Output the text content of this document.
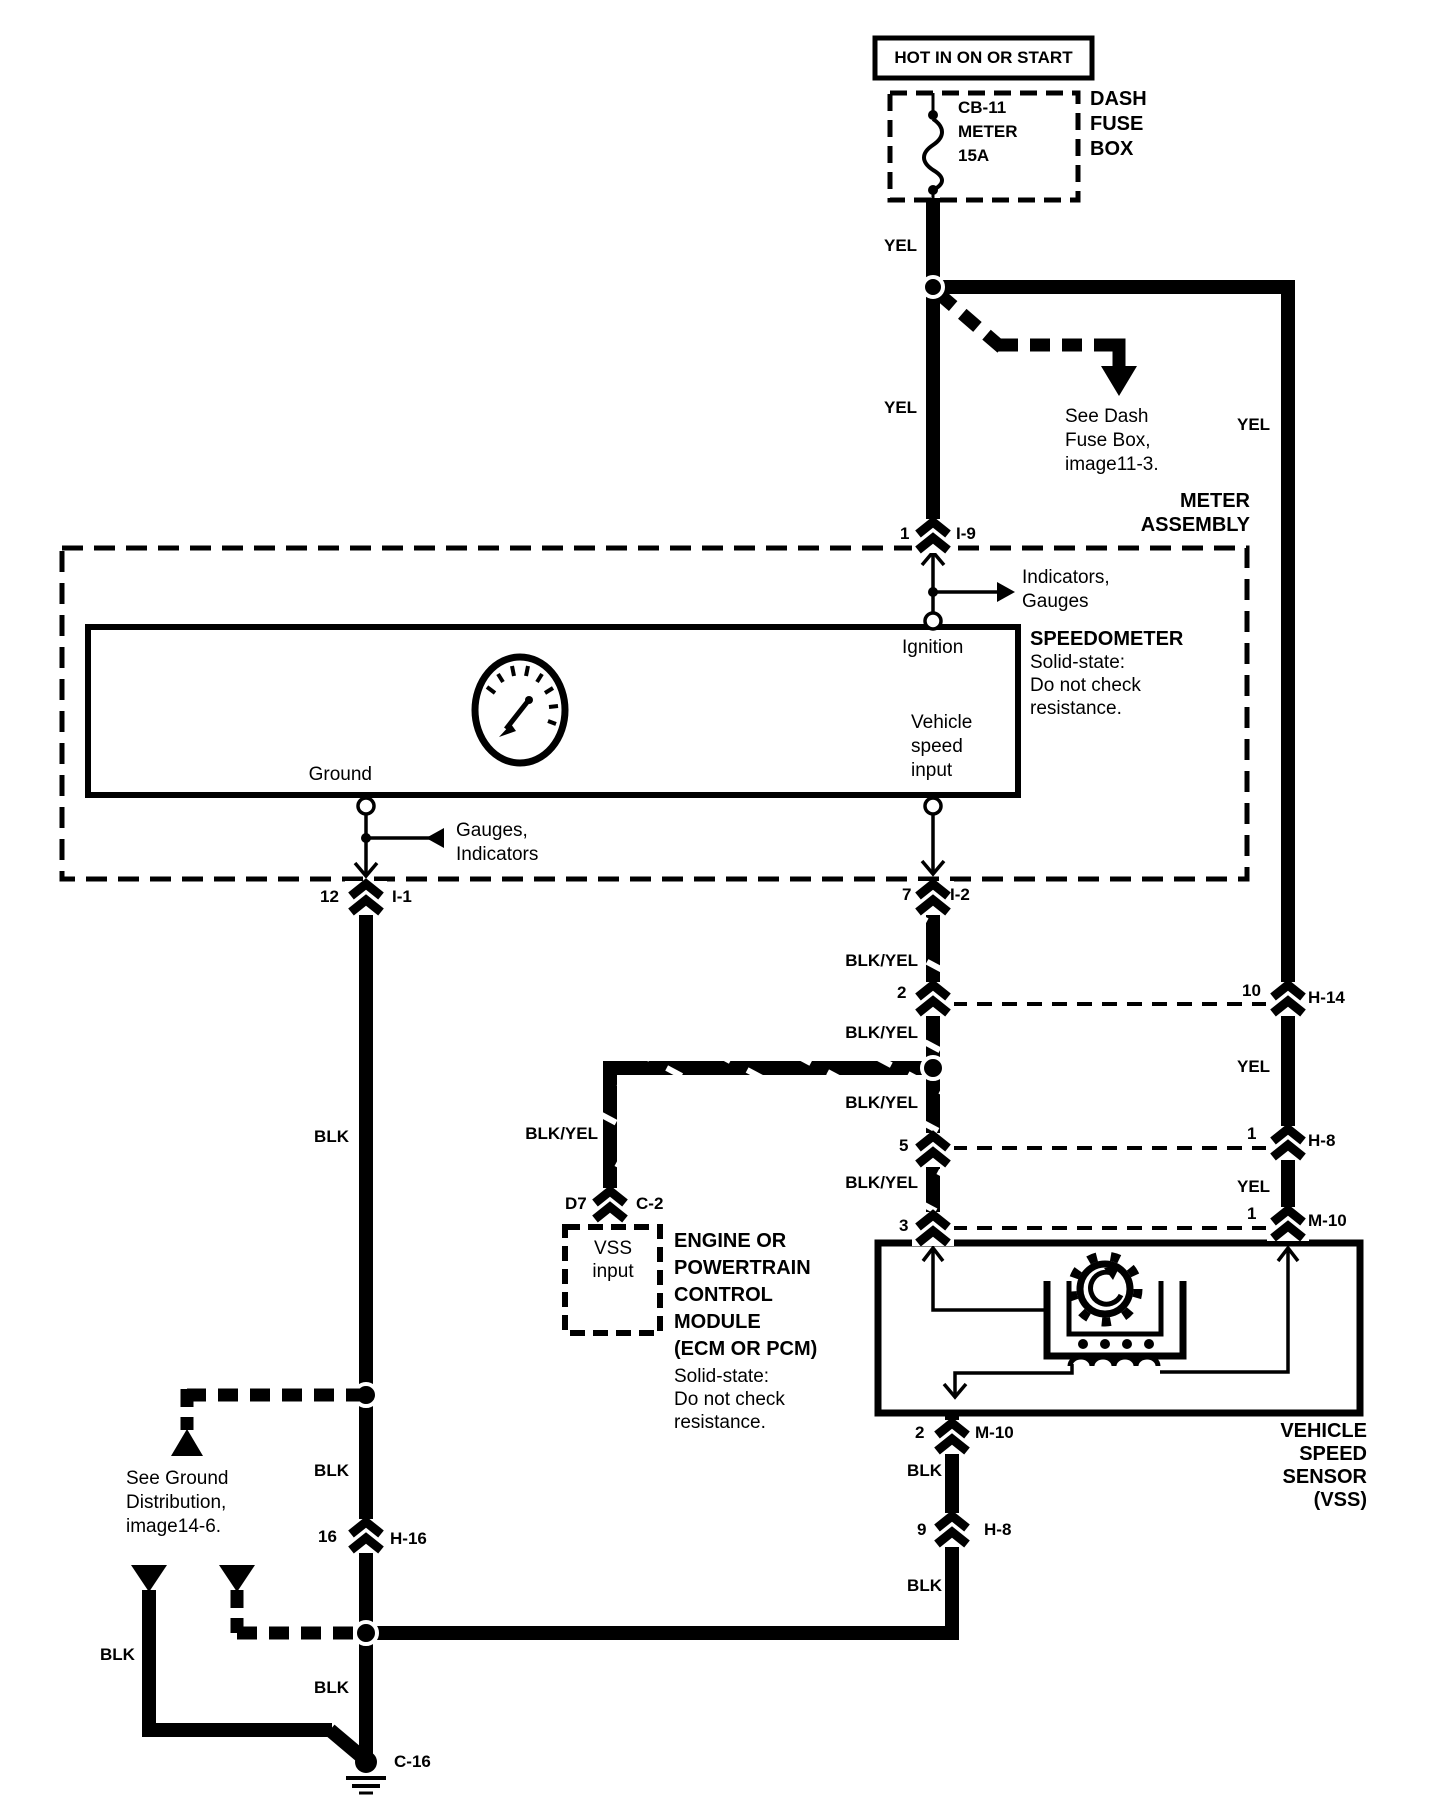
HOT IN ON OR START
CB-11
METER
15A
DASH
FUSE
BOX
YEL
YEL
YEL
See Dash
Fuse Box,
image11-3.
METER
ASSEMBLY
1	I-9
Indicators,
Gauges
SPEEDOMETER
Solid-state:
Do not check
resistance.
Ignition
Vehicle
speed
input
Ground
Gauges,
Indicators
12	I-1	7 I-2
BLK/YEL
BLK/YEL
BLK/YEL
BLK/YEL
2
5
3
10	H-14
YEL
1	H-8
YEL
1	M-10
BLK/YEL
D7	C-2
VSS
input
ENGINE OR
POWERTRAIN
CONTROL
MODULE
(ECM OR PCM)
Solid-state:
Do not check
resistance.
BLK
BLK
BLK
16	H-16
See Ground
Distribution,
image14-6.
BLK
BLK
BLK
2	M-10
9	H-8
VEHICLE
SPEED
SENSOR
(VSS)
C-16
